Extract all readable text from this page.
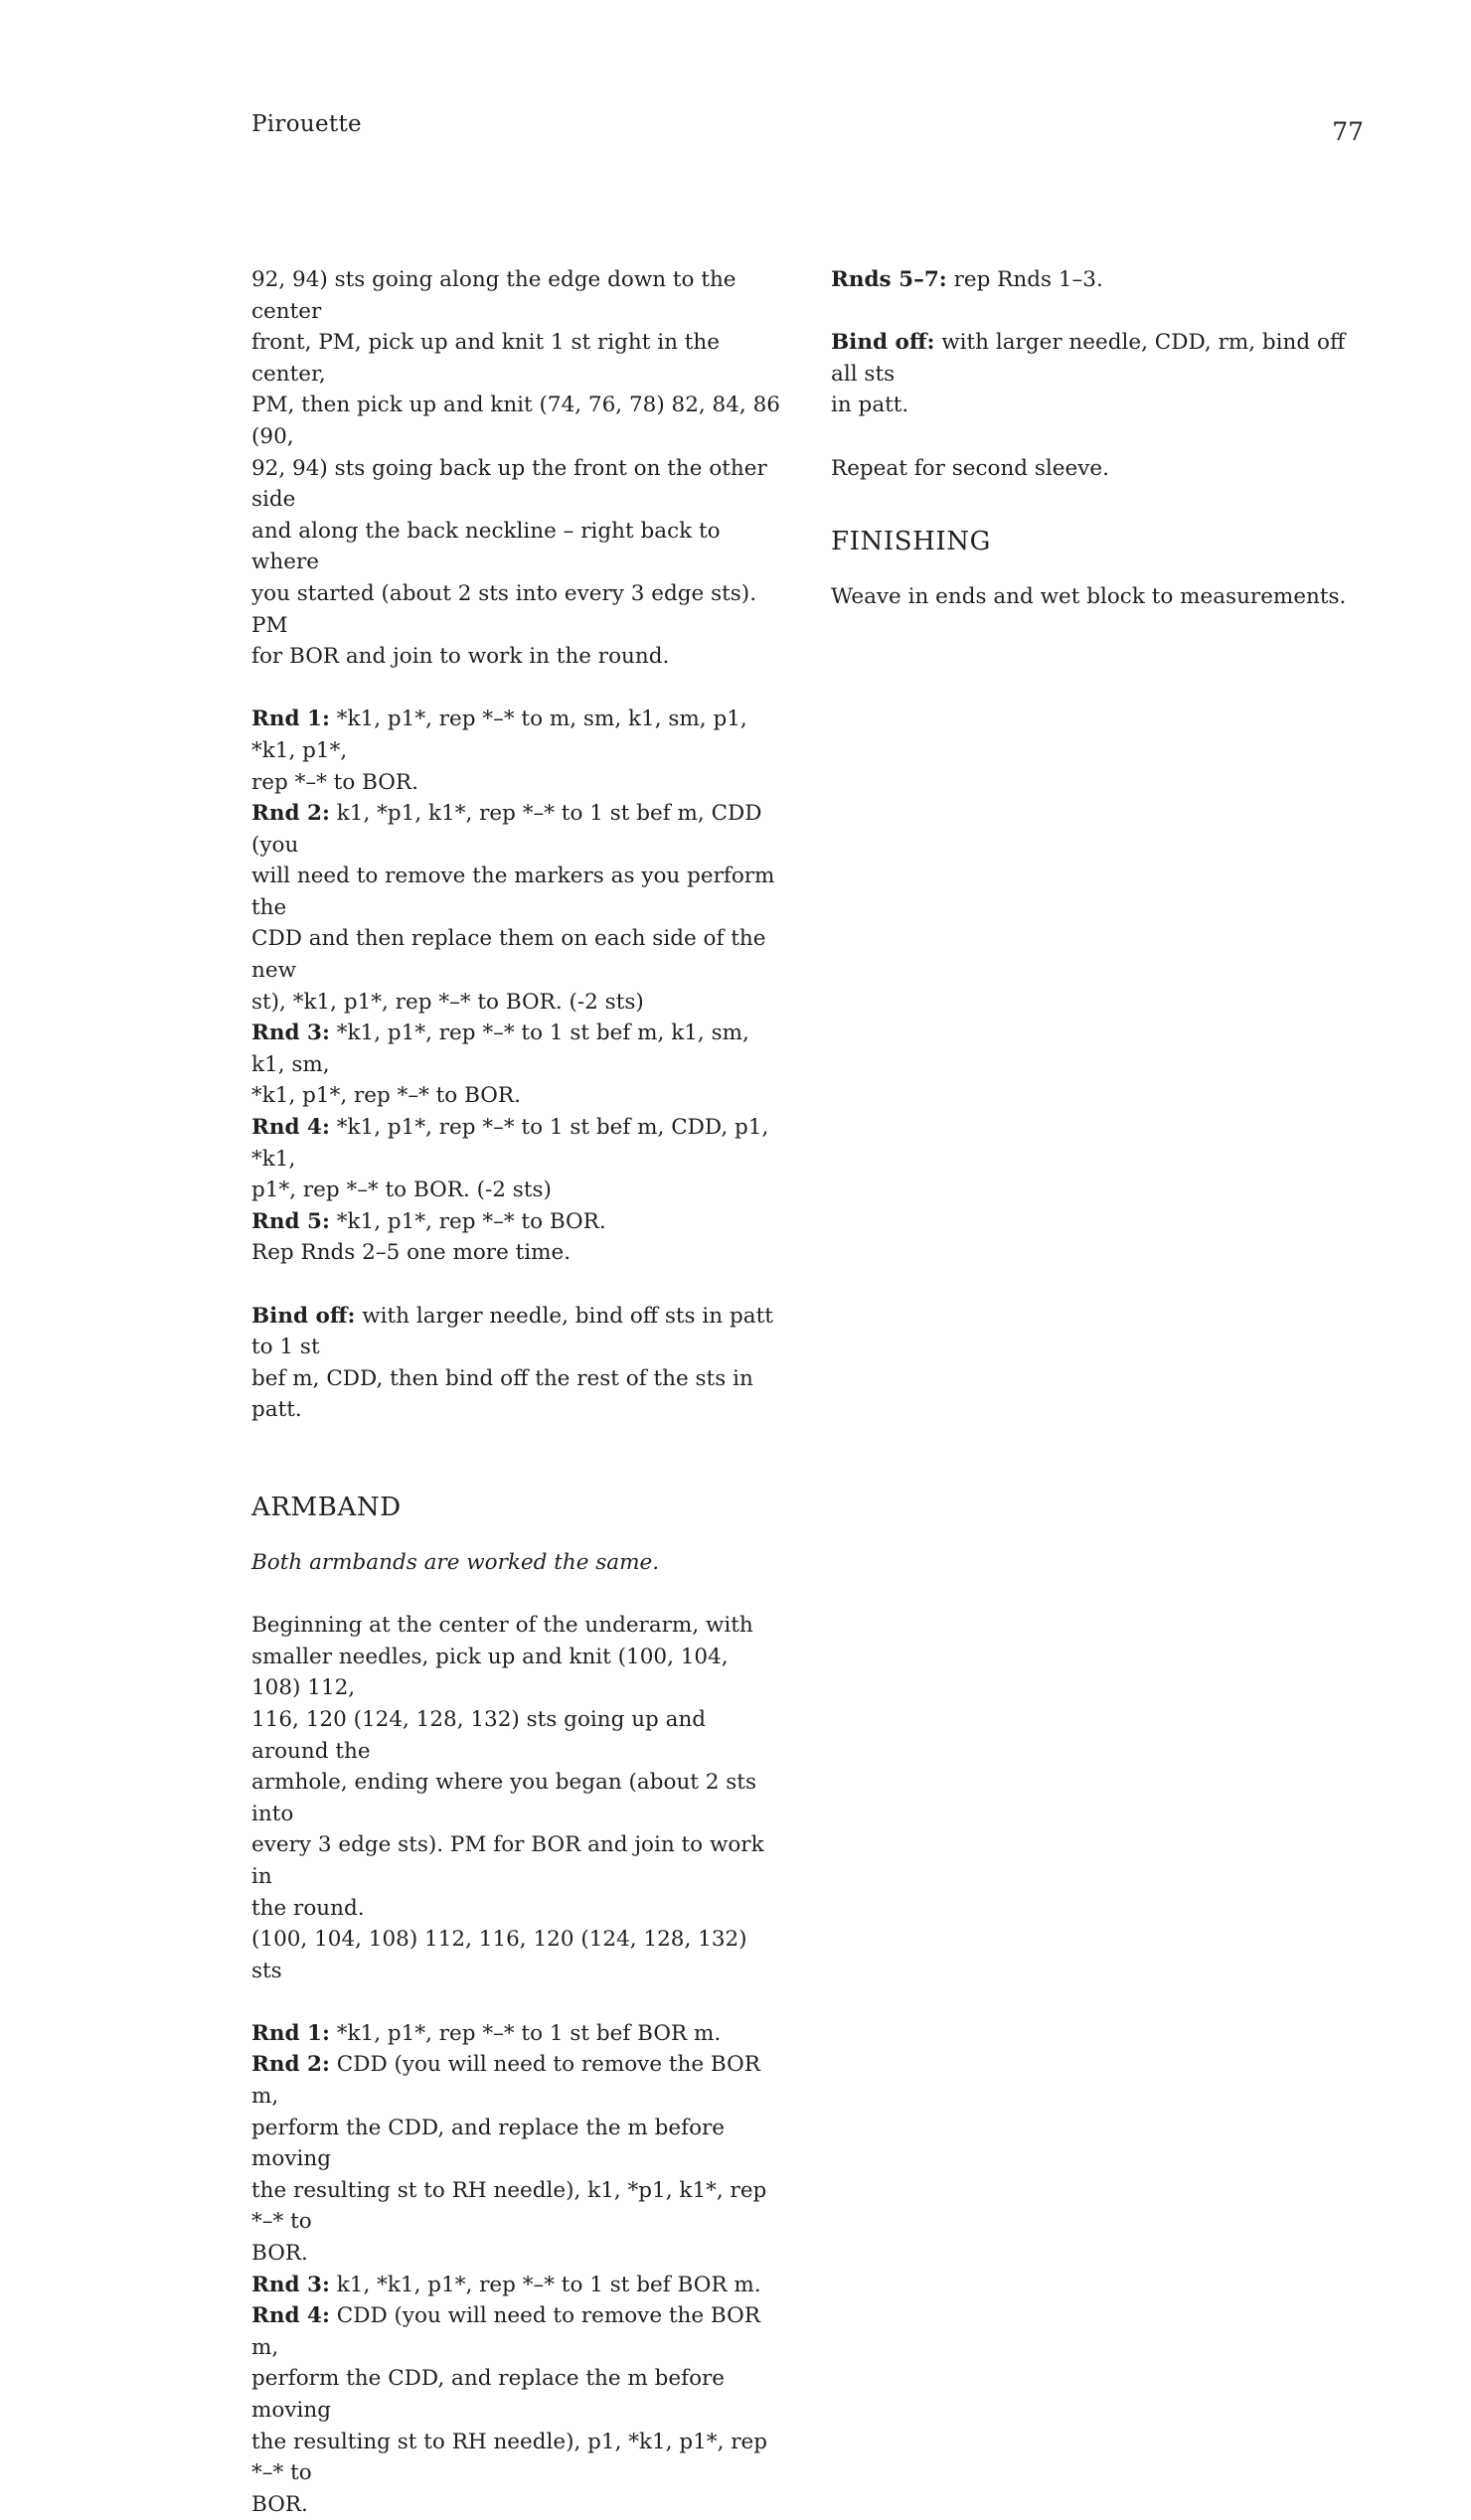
Pirouette	77
92, 94) sts going along the edge down to the center
front, PM, pick up and knit 1 st right in the center,
PM, then pick up and knit (74, 76, 78) 82, 84, 86 (90,
92, 94) sts going back up the front on the other side
and along the back neckline – right back to where
you started (about 2 sts into every 3 edge sts). PM
for BOR and join to work in the round.
Rnd 1: *k1, p1*, rep *–* to m, sm, k1, sm, p1, *k1, p1*,
rep *–* to BOR.
Rnd 2: k1, *p1, k1*, rep *–* to 1 st bef m, CDD (you
will need to remove the markers as you perform the
CDD and then replace them on each side of the new
st), *k1, p1*, rep *–* to BOR. (-2 sts)
Rnd 3: *k1, p1*, rep *–* to 1 st bef m, k1, sm, k1, sm,
*k1, p1*, rep *–* to BOR.
Rnd 4: *k1, p1*, rep *–* to 1 st bef m, CDD, p1, *k1,
p1*, rep *–* to BOR. (-2 sts)
Rnd 5: *k1, p1*, rep *–* to BOR.
Rep Rnds 2–5 one more time.
Bind off: with larger needle, bind off sts in patt to 1 st
bef m, CDD, then bind off the rest of the sts in patt.
ARMBAND
Both armbands are worked the same.
Beginning at the center of the underarm, with
smaller needles, pick up and knit (100, 104, 108) 112,
116, 120 (124, 128, 132) sts going up and around the
armhole, ending where you began (about 2 sts into
every 3 edge sts). PM for BOR and join to work in
the round.
(100, 104, 108) 112, 116, 120 (124, 128, 132) sts
Rnd 1: *k1, p1*, rep *–* to 1 st bef BOR m.
Rnd 2: CDD (you will need to remove the BOR m,
perform the CDD, and replace the m before moving
the resulting st to RH needle), k1, *p1, k1*, rep *–* to
BOR.
Rnd 3: k1, *k1, p1*, rep *–* to 1 st bef BOR m.
Rnd 4: CDD (you will need to remove the BOR m,
perform the CDD, and replace the m before moving
the resulting st to RH needle), p1, *k1, p1*, rep *–* to
BOR.
Rnds 5–7: rep Rnds 1–3.
Bind off: with larger needle, CDD, rm, bind off all sts
in patt.
Repeat for second sleeve.
FINISHING
Weave in ends and wet block to measurements.
